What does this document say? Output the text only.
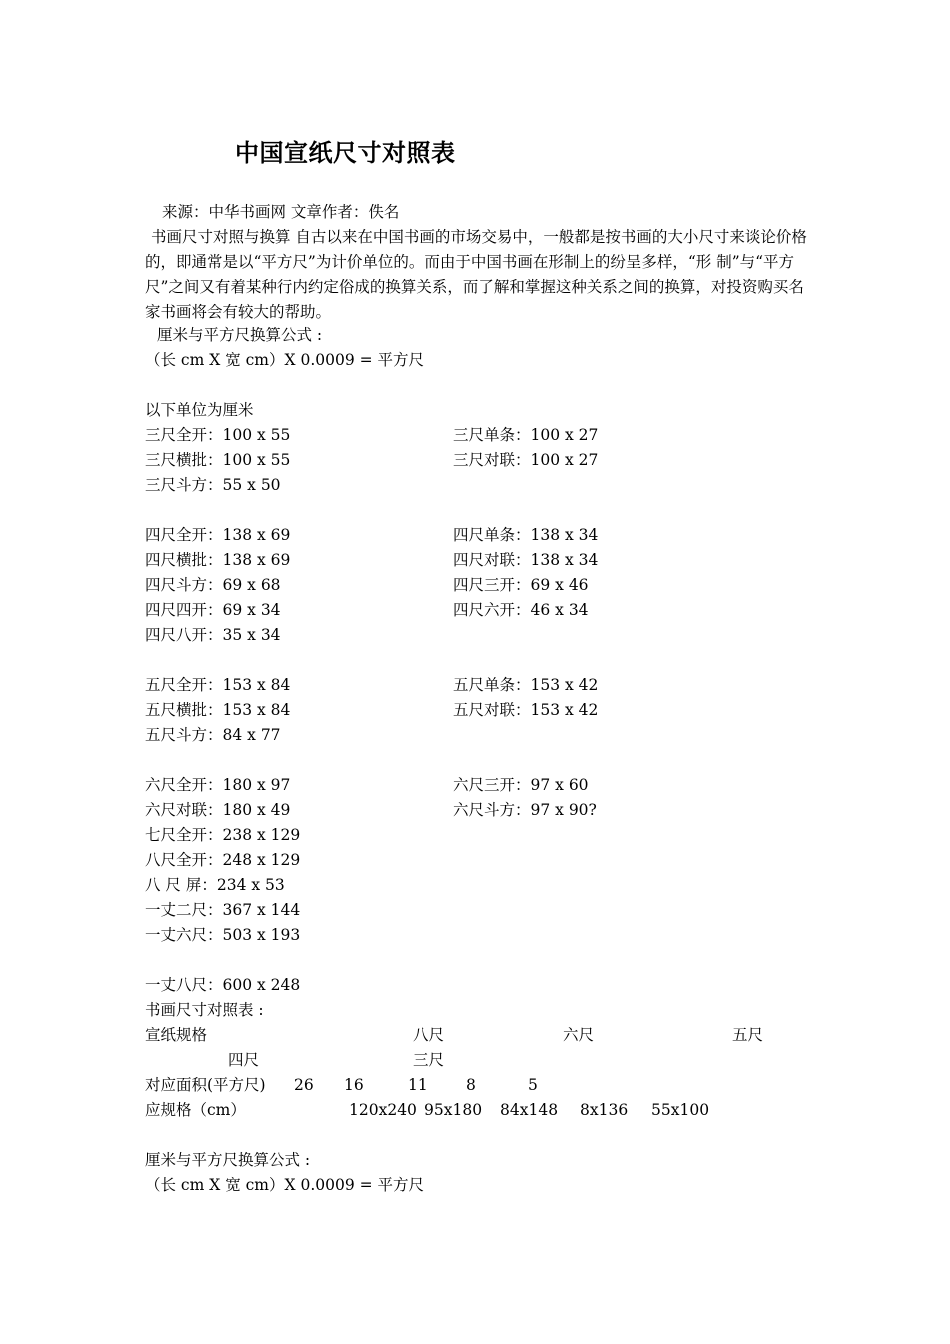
中国宣纸尺寸对照表
来源：中华书画网 文章作者：佚名
书画尺寸对照与换算 自古以来在中国书画的市场交易中，一般都是按书画的大小尺寸来谈论价格的，即通常是以“平方尺”为计价单位的。而由于中国书画在形制上的纷呈多样，“形 制”与“平方尺”之间又有着某种行内约定俗成的换算关系，而了解和掌握这种关系之间的换算，对投资购买名家书画将会有较大的帮助。
厘米与平方尺换算公式 :
（长 cm X 宽 cm）X 0.0009 = 平方尺
以下单位为厘米
三尺全开：100 x 55	三尺单条：100 x 27
三尺横批：100 x 55	三尺对联：100 x 27
三尺斗方：55 x 50
四尺全开：138 x 69	四尺单条：138 x 34
四尺横批：138 x 69	四尺对联：138 x 34
四尺斗方：69 x 68	四尺三开：69 x 46
四尺四开：69 x 34	四尺六开：46 x 34
四尺八开：35 x 34
五尺全开：153 x 84	五尺单条：153 x 42
五尺横批：153 x 84	五尺对联：153 x 42
五尺斗方：84 x 77
六尺全开：180 x 97	六尺三开：97 x 60
六尺对联：180 x 49	六尺斗方：97 x 90?
七尺全开：238 x 129
八尺全开：248 x 129
八 尺 屏：234 x 53
一丈二尺：367 x 144
一丈六尺：503 x 193
一丈八尺：600 x 248
书画尺寸对照表 :
宣纸规格	八尺	六尺	五尺
四尺	三尺
对应面积(平方尺) 26 16	11 8	5
应规格（cm）	120x240 95x180 84x148 8x136 55x100
厘米与平方尺换算公式 :
（长 cm X 宽 cm）X 0.0009 = 平方尺
